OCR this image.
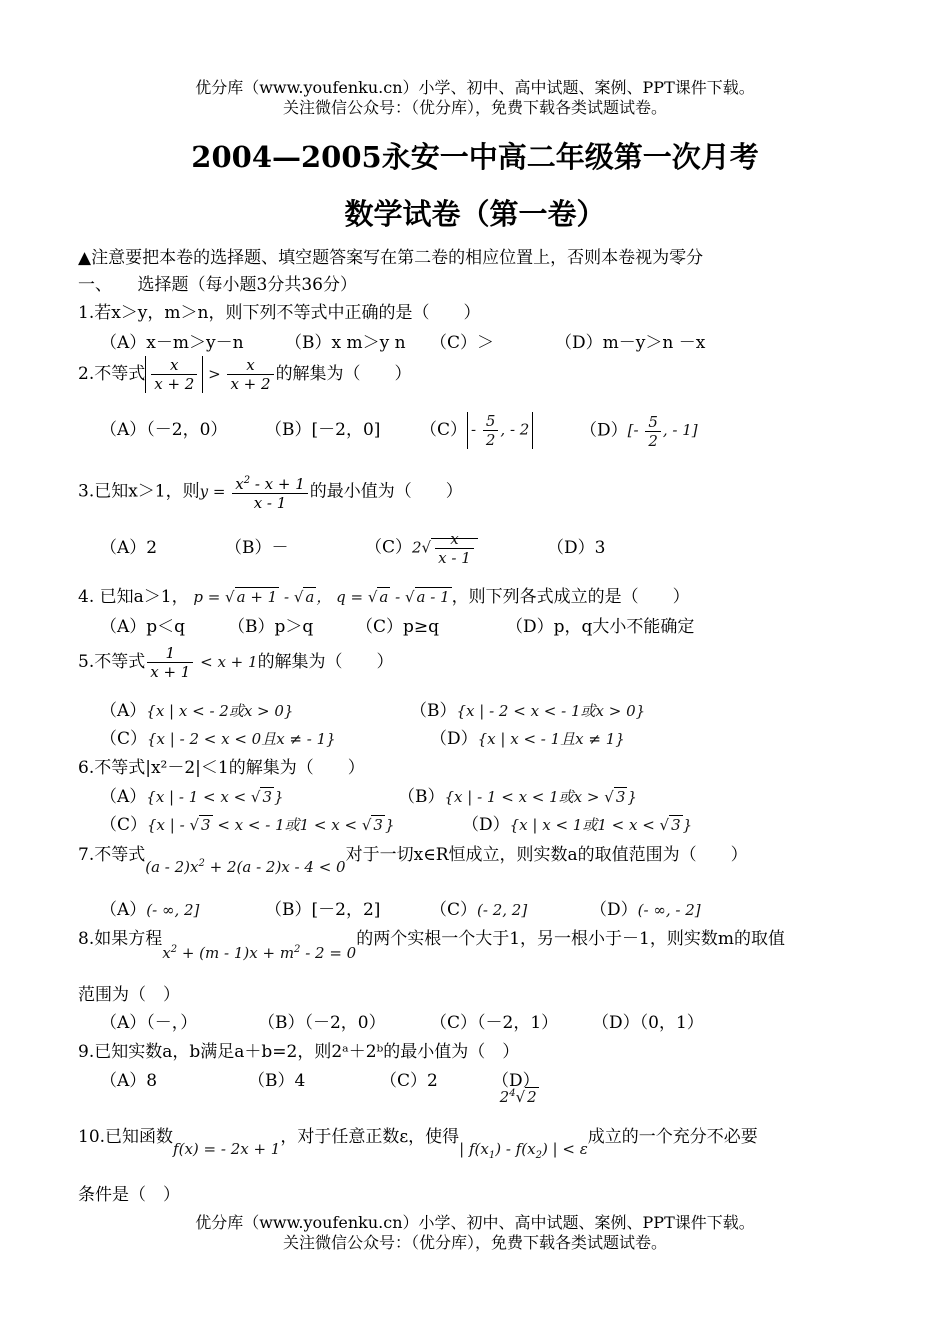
优分库（www.youfenku.cn）小学、初中、高中试题、案例、PPT课件下载。
关注微信公众号：（优分库），免费下载各类试题试卷。
2004—2005永安一中高二年级第一次月考
数学试卷（第一卷）
▲注意要把本卷的选择题、填空题答案写在第二卷的相应位置上，否则本卷视为零分
一、　　选择题（每小题3分共36分）
1.若x＞y，m＞n，则下列不等式中正确的是（　　）
（A）x－m＞y－n （B）x m＞y n （C）＞	（D）m－y＞n －x
2.不等式 $\frac{x}{x + 2} > \frac{x}{x + 2}$ 的解集为（　　）
（A）（－2，0） （B）[－2，0] $(C) - \frac{5}{2}$ , - 2	$(D)[- \frac{5}{2}$ , - 1]
3.已知x＞1，则$y = \frac{x^2 - x + 1}{x - 1}$ 的最小值为（　　）
（A）2	（B）－	$(C)2√ \frac{x}{x - 1}$	（D）3
4. 已知a＞1， p = √ a + 1 - √ a ， q = √ a - √ a - 1 ，则下列各式成立的是（　　）
（A）p＜q	（B）p＞q	（C）p≥q	（D）p，q大小不能确定
5.不等式 $\frac{1}{x + 1} < x + 1$的解集为（　　）
（A）{x | x < - 2或x > 0}	（B）{x | - 2 < x < - 1或x > 0}
（C）{x | - 2 < x < 0且x ≠ - 1}	（D）{x | x < - 1且x ≠ 1}
6.不等式|x²－2|＜1的解集为（　　）
（A）{x | - 1 < x < √ 3 }	（B）{x | - 1 < x < 1或x > √ 3 }
（C）{x | - √ 3 < x < - 1或1 < x < √ 3 }	（D）{x | x < 1或1 < x < √ 3 }
7.不等式$(a - 2)x^2 + 2(a - 2)x - 4 < 0$对于一切x∈R恒成立，则实数a的取值范围为（　　）
（A）(- ∞, 2]	（B）[－2，2]	（C）(- 2, 2]	（D）(- ∞, - 2]
8.如果方程$x^2 + (m - 1)x + m^2 - 2 = 0$的两个实根一个大于1，另一根小于－1，则实数m的取值
范围为（　）
（A）（－，）	（B）（－2，0）	（C）（－2，1） （D）（0，1）
9.已知实数a，b满足a＋b=2，则2ᵃ＋2ᵇ的最小值为（　）
（A）8	（B）4	（C）2	$(D)2^4√$ 2
10.已知函数f(x) = - 2x + 1，对于任意正数ε，使得| $f(x_1) - f(x_2)$ | < ε成立的一个充分不必要
条件是（　）
优分库（www.youfenku.cn）小学、初中、高中试题、案例、PPT课件下载。
关注微信公众号：（优分库），免费下载各类试题试卷。
